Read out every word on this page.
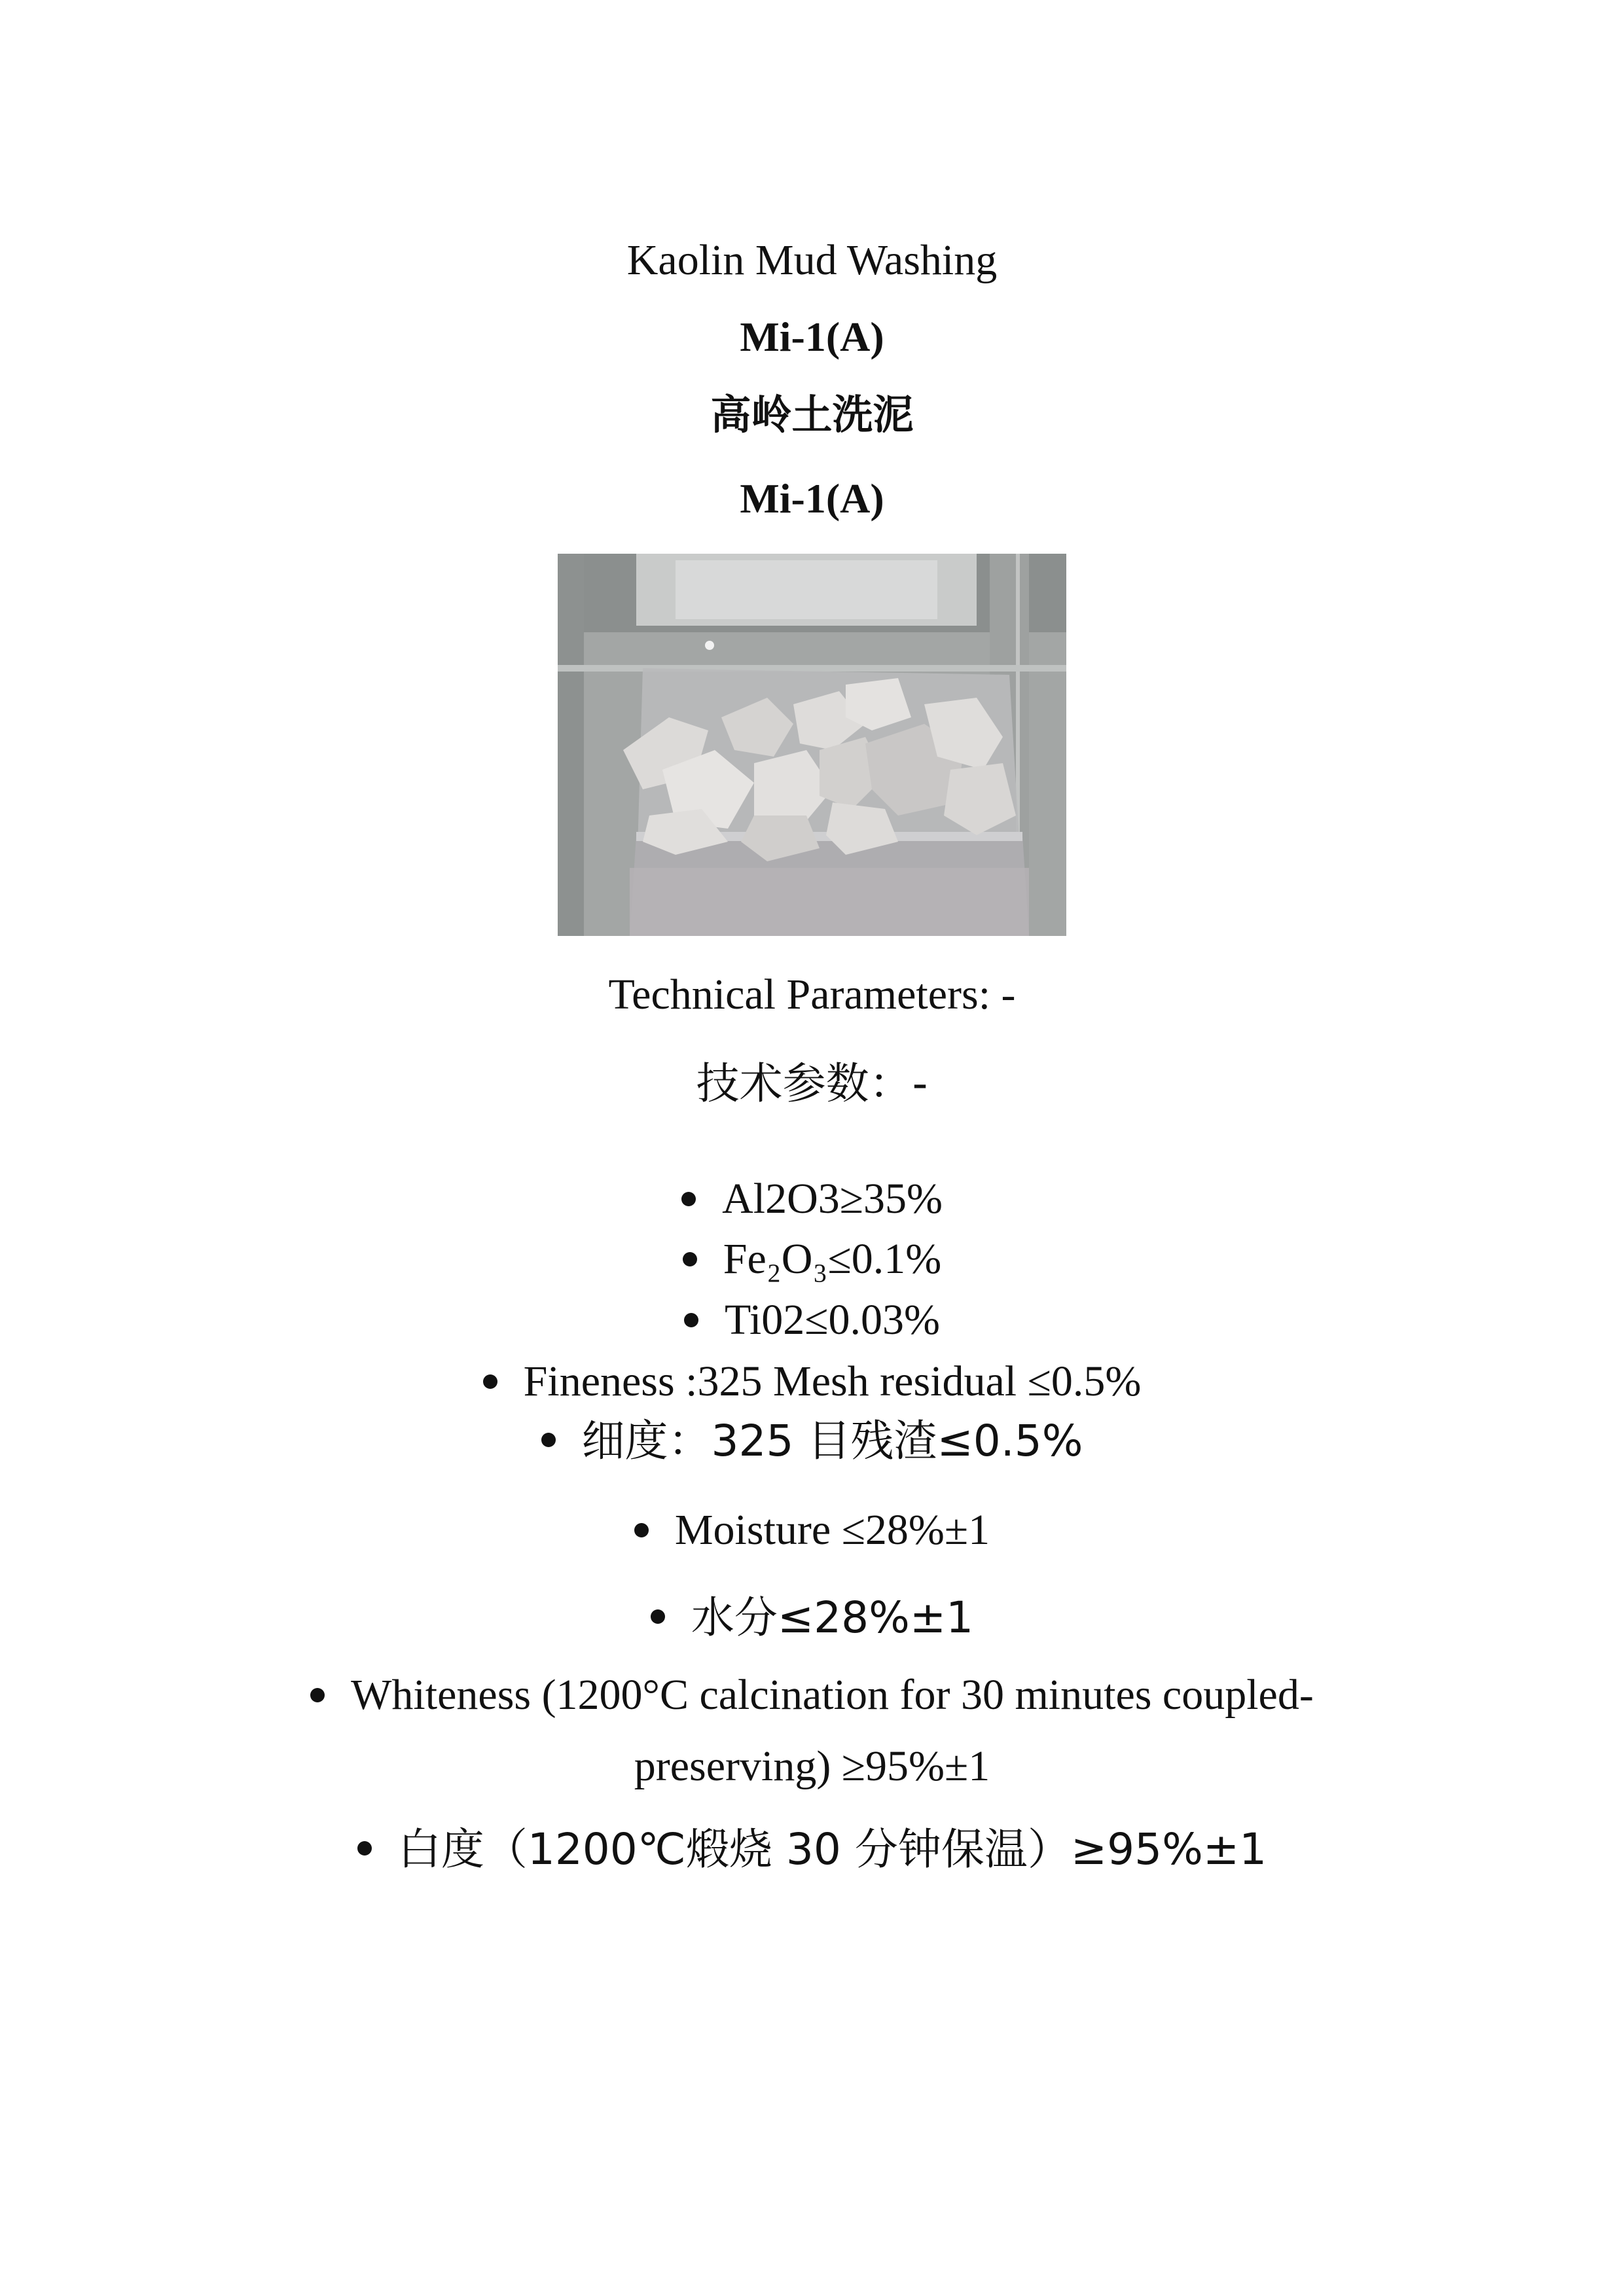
Kaolin Mud Washing
Mi-1(A)
高岭土洗泥
Mi-1(A)
Technical Parameters: -
技术参数：-
Al2O3≥35%
Fe₂O₃≤0.1%
Ti02≤0.03%
Fineness :325 Mesh residual ≤0.5%
细度：325 目残渣≤0.5%
Moisture ≤28%±1
水分≤28%±1
Whiteness (1200°C calcination for 30 minutes coupled-
preserving) ≥95%±1
白度（1200℃煅烧 30 分钟保温）≥95%±1
